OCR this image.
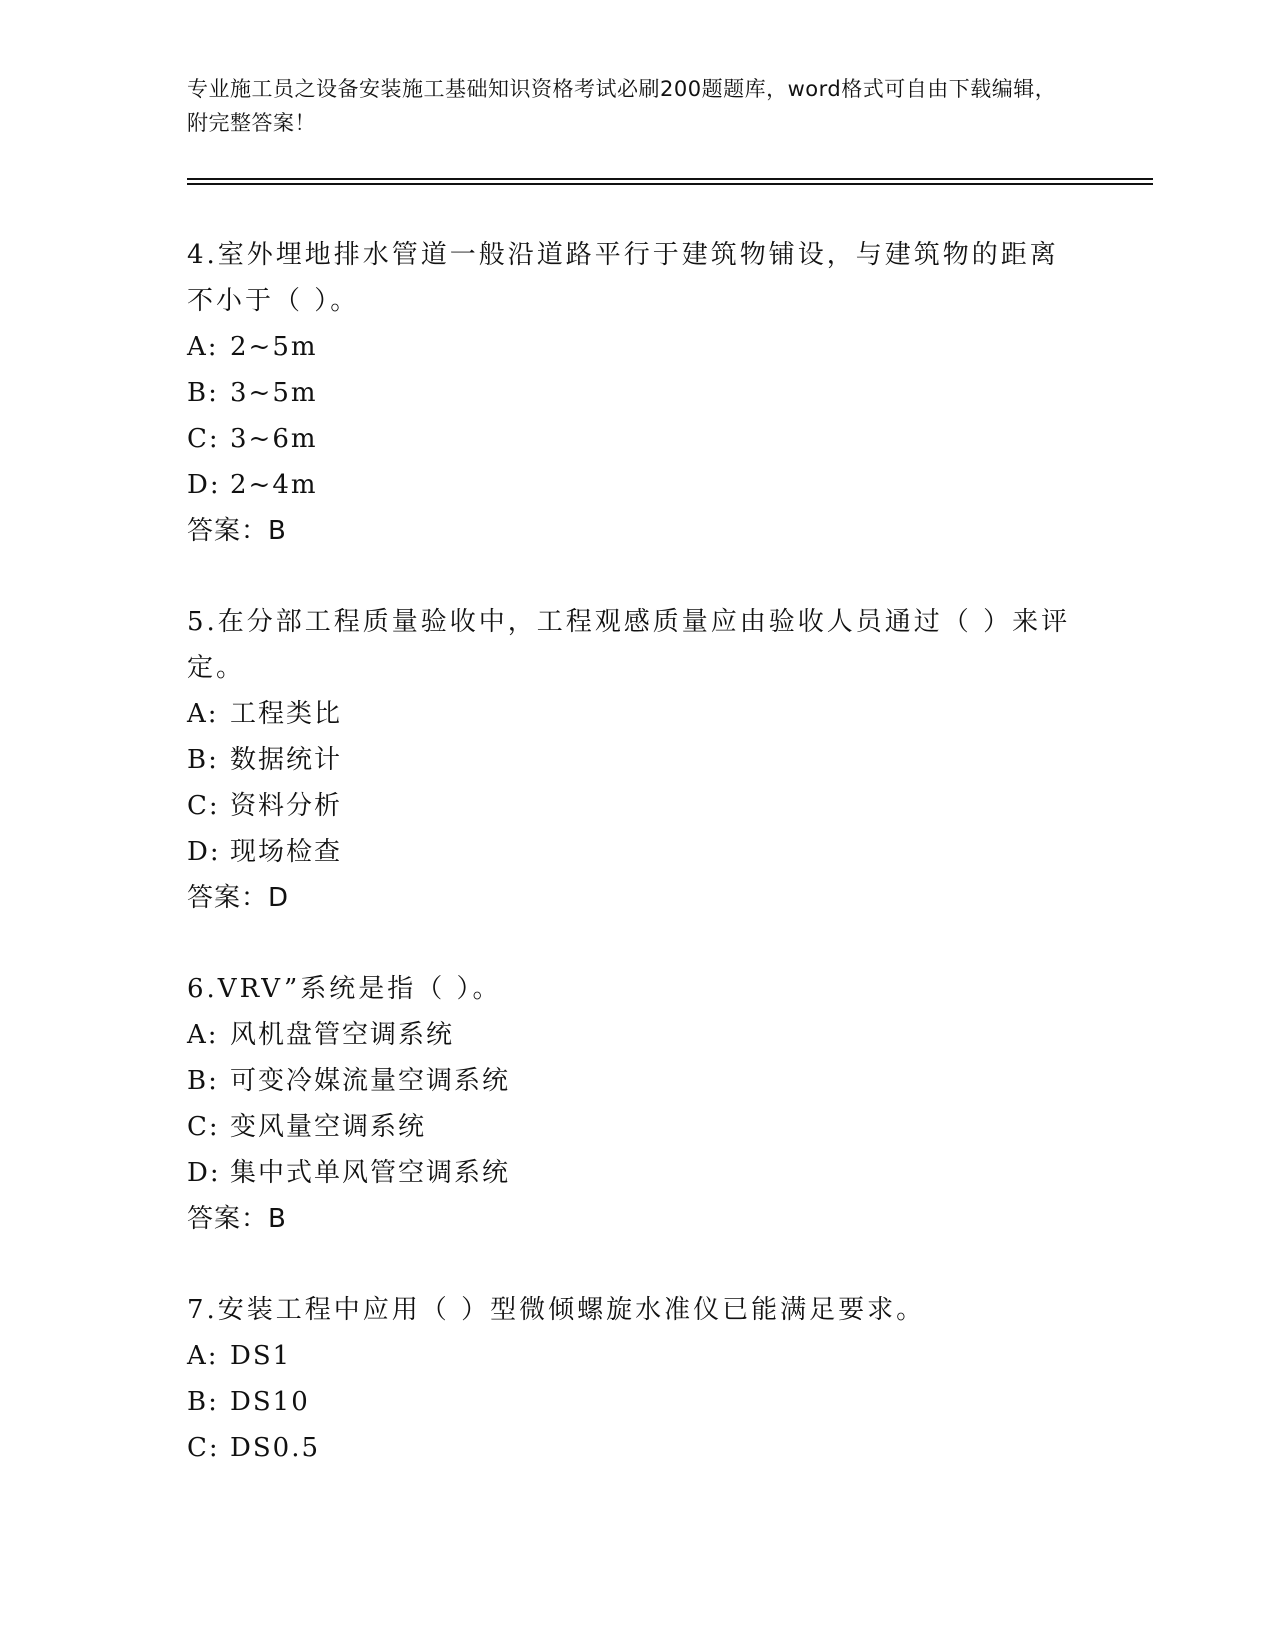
专业施工员之设备安装施工基础知识资格考试必刷200题题库，word格式可自由下载编辑，附完整答案！

4.室外埋地排水管道一般沿道路平行于建筑物铺设，与建筑物的距离不小于（ ）。

A: 2~5m

B: 3~5m

C: 3~6m

D: 2~4m

答案：B

5.在分部工程质量验收中，工程观感质量应由验收人员通过（ ）来评定。

A: 工程类比

B: 数据统计

C: 资料分析

D: 现场检查

答案：D

6.VRV”系统是指（ ）。

A: 风机盘管空调系统

B: 可变冷媒流量空调系统

C: 变风量空调系统

D: 集中式单风管空调系统

答案：B

7.安装工程中应用（ ）型微倾螺旋水准仪已能满足要求。

A: DS1

B: DS10

C: DS0.5
